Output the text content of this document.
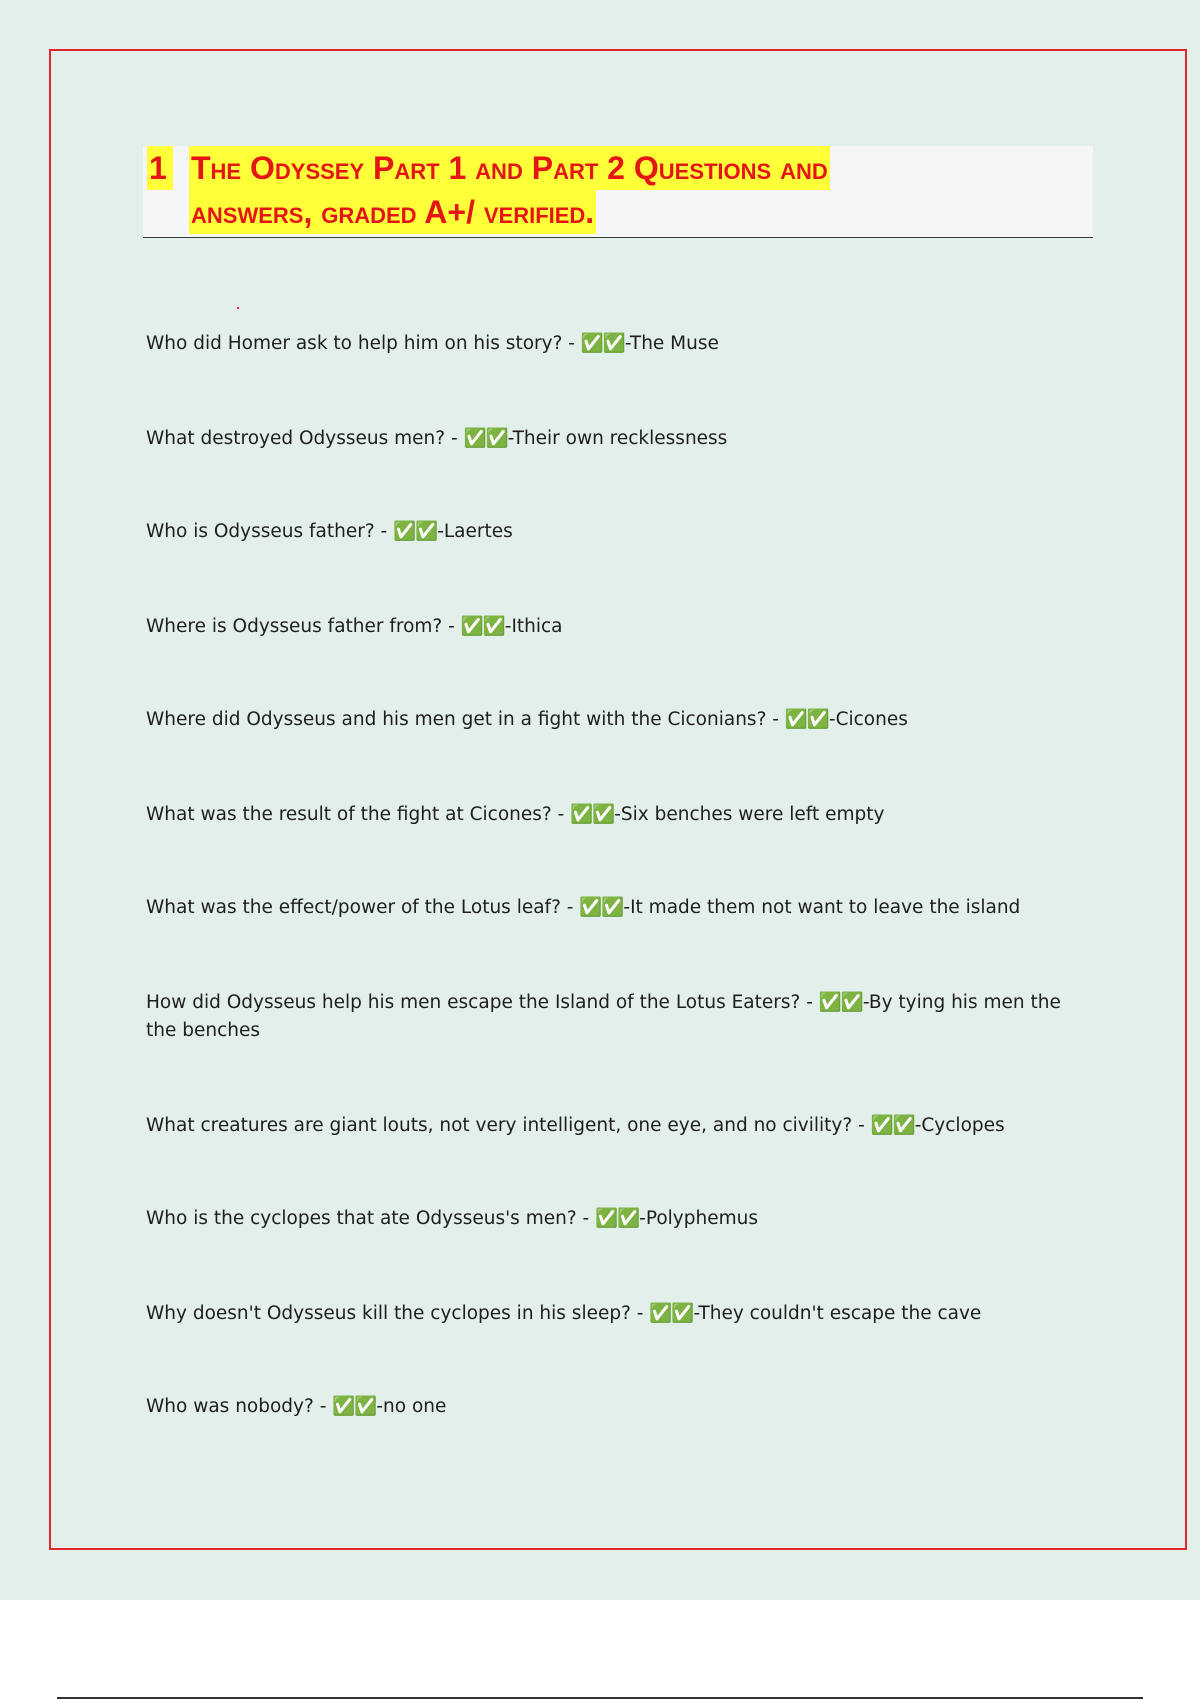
1 The Odyssey Part 1 and Part 2 Questions and
answers, graded A+/ verified.
Who did Homer ask to help him on his story? - ✅✅-The Muse
What destroyed Odysseus men? - ✅✅-Their own recklessness
Who is Odysseus father? - ✅✅-Laertes
Where is Odysseus father from? - ✅✅-Ithica
Where did Odysseus and his men get in a fight with the Ciconians? - ✅✅-Cicones
What was the result of the fight at Cicones? - ✅✅-Six benches were left empty
What was the effect/power of the Lotus leaf? - ✅✅-It made them not want to leave the island
How did Odysseus help his men escape the Island of the Lotus Eaters? - ✅✅-By tying his men the the benches
What creatures are giant louts, not very intelligent, one eye, and no civility? - ✅✅-Cyclopes
Who is the cyclopes that ate Odysseus's men? - ✅✅-Polyphemus
Why doesn't Odysseus kill the cyclopes in his sleep? - ✅✅-They couldn't escape the cave
Who was nobody? - ✅✅-no one
